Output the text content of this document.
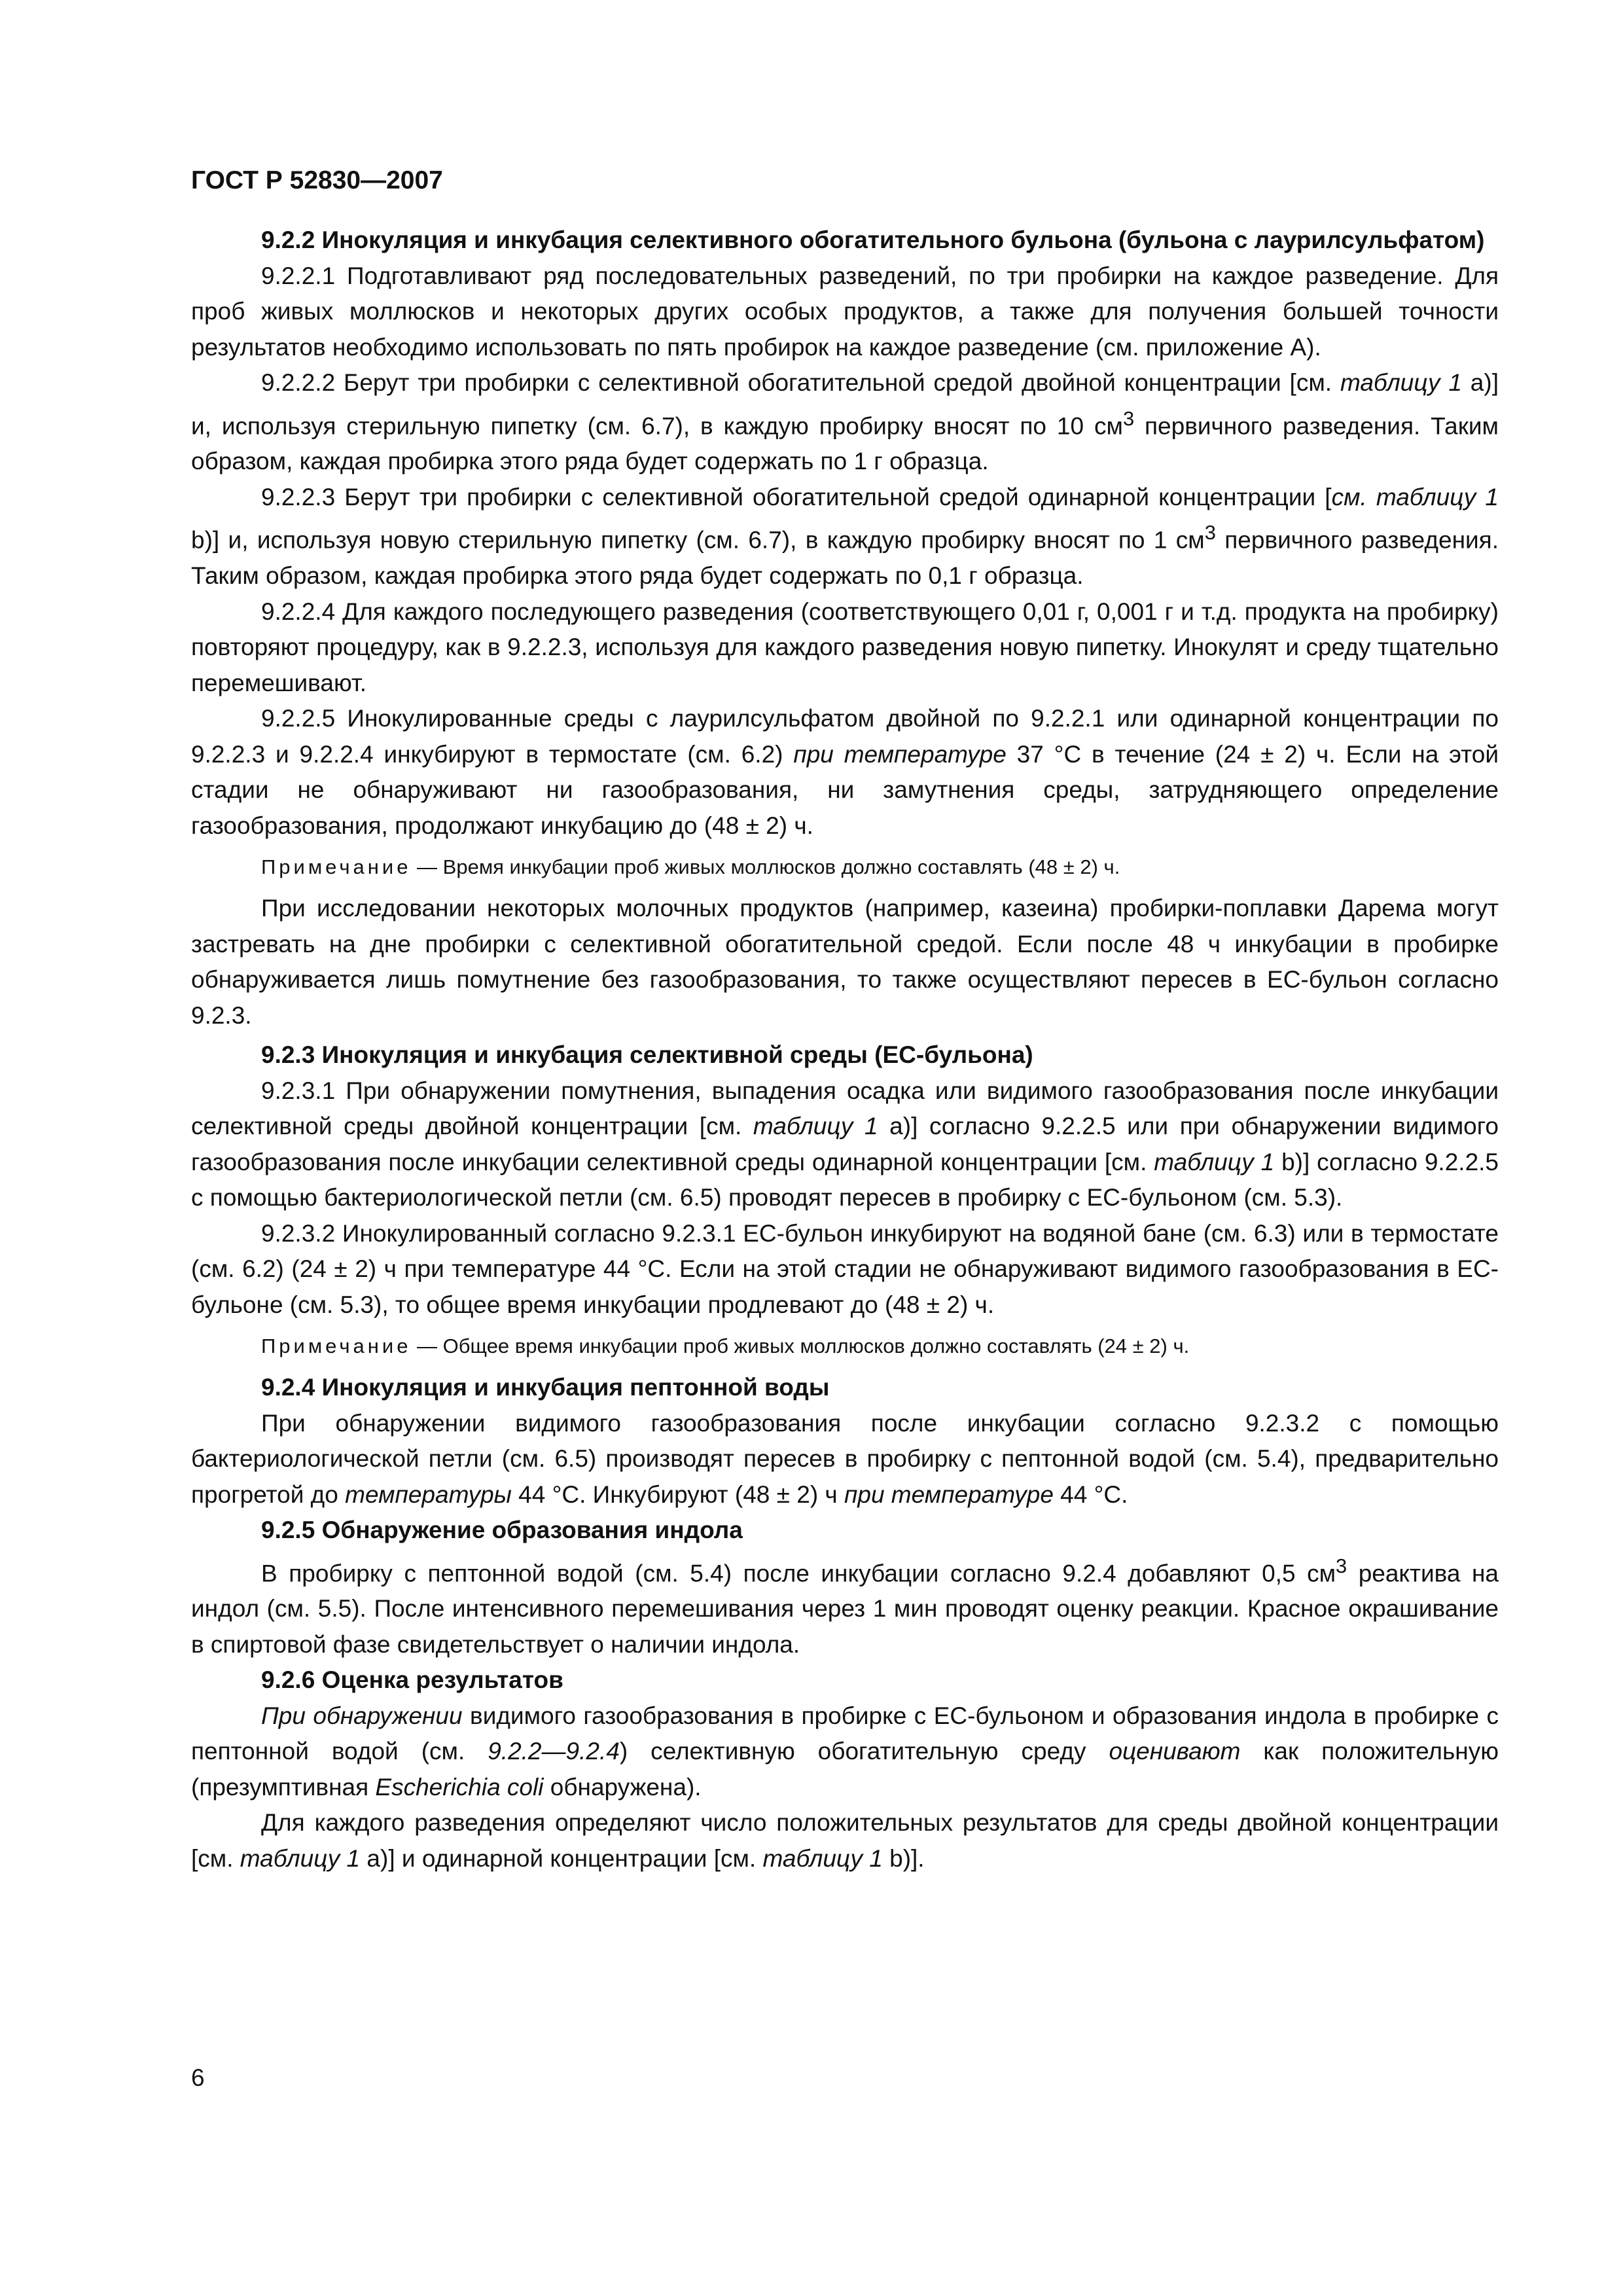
ГОСТ Р 52830—2007

9.2.2 Инокуляция и инкубация селективного обогатительного бульона (бульона с лаурилсульфатом)

9.2.2.1 Подготавливают ряд последовательных разведений, по три пробирки на каждое разведение. Для проб живых моллюсков и некоторых других особых продуктов, а также для получения большей точности результатов необходимо использовать по пять пробирок на каждое разведение (см. приложение А).

9.2.2.2 Берут три пробирки с селективной обогатительной средой двойной концентрации [см. таблицу 1 a)] и, используя стерильную пипетку (см. 6.7), в каждую пробирку вносят по 10 $см^3$ первичного разведения. Таким образом, каждая пробирка этого ряда будет содержать по 1 г образца.

9.2.2.3 Берут три пробирки с селективной обогатительной средой одинарной концентрации [см. таблицу 1 b)] и, используя новую стерильную пипетку (см. 6.7), в каждую пробирку вносят по 1 $см^3$ первичного разведения. Таким образом, каждая пробирка этого ряда будет содержать по 0,1 г образца.

9.2.2.4 Для каждого последующего разведения (соответствующего 0,01 г, 0,001 г и т.д. продукта на пробирку) повторяют процедуру, как в 9.2.2.3, используя для каждого разведения новую пипетку. Инокулят и среду тщательно перемешивают.

9.2.2.5 Инокулированные среды с лаурилсульфатом двойной по 9.2.2.1 или одинарной концентрации по 9.2.2.3 и 9.2.2.4 инкубируют в термостате (см. 6.2) при температуре 37 °С в течение (24 ± 2) ч. Если на этой стадии не обнаруживают ни газообразования, ни замутнения среды, затрудняющего определение газообразования, продолжают инкубацию до (48 ± 2) ч.

Примечание — Время инкубации проб живых моллюсков должно составлять (48 ± 2) ч.

При исследовании некоторых молочных продуктов (например, казеина) пробирки-поплавки Дарема могут застревать на дне пробирки с селективной обогатительной средой. Если после 48 ч инкубации в пробирке обнаруживается лишь помутнение без газообразования, то также осуществляют пересев в ЕС-бульон согласно 9.2.3.

9.2.3 Инокуляция и инкубация селективной среды (ЕС-бульона)

9.2.3.1 При обнаружении помутнения, выпадения осадка или видимого газообразования после инкубации селективной среды двойной концентрации [см. таблицу 1 a)] согласно 9.2.2.5 или при обнаружении видимого газообразования после инкубации селективной среды одинарной концентрации [см. таблицу 1 b)] согласно 9.2.2.5 с помощью бактериологической петли (см. 6.5) проводят пересев в пробирку с ЕС-бульоном (см. 5.3).

9.2.3.2 Инокулированный согласно 9.2.3.1 ЕС-бульон инкубируют на водяной бане (см. 6.3) или в термостате (см. 6.2) (24 ± 2) ч при температуре 44 °С. Если на этой стадии не обнаруживают видимого газообразования в ЕС-бульоне (см. 5.3), то общее время инкубации продлевают до (48 ± 2) ч.

Примечание — Общее время инкубации проб живых моллюсков должно составлять (24 ± 2) ч.

9.2.4 Инокуляция и инкубация пептонной воды

При обнаружении видимого газообразования после инкубации согласно 9.2.3.2 с помощью бактериологической петли (см. 6.5) производят пересев в пробирку с пептонной водой (см. 5.4), предварительно прогретой до температуры 44 °С. Инкубируют (48 ± 2) ч при температуре 44 °С.

9.2.5 Обнаружение образования индола

В пробирку с пептонной водой (см. 5.4) после инкубации согласно 9.2.4 добавляют 0,5 $см^3$ реактива на индол (см. 5.5). После интенсивного перемешивания через 1 мин проводят оценку реакции. Красное окрашивание в спиртовой фазе свидетельствует о наличии индола.

9.2.6 Оценка результатов

При обнаружении видимого газообразования в пробирке с ЕС-бульоном и образования индола в пробирке с пептонной водой (см. 9.2.2—9.2.4) селективную обогатительную среду оценивают как положительную (презумптивная Escherichia coli обнаружена).

Для каждого разведения определяют число положительных результатов для среды двойной концентрации [см. таблицу 1 a)] и одинарной концентрации [см. таблицу 1 b)].

6
